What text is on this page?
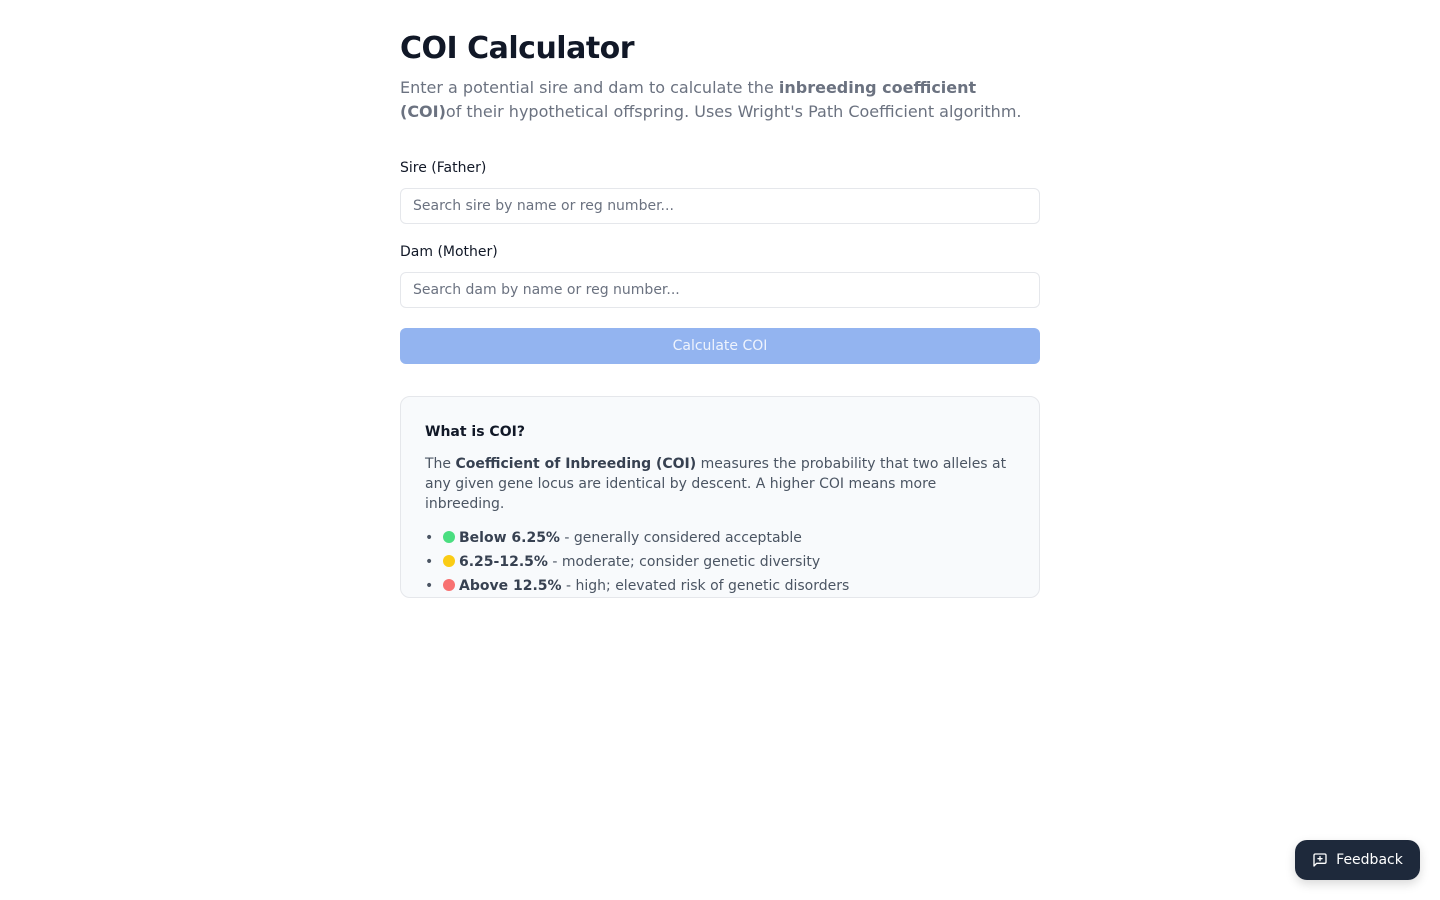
COI Calculator

Enter a potential sire and dam to calculate the inbreeding coefficient (COI)of their hypothetical offspring. Uses Wright's Path Coefficient algorithm.

Sire (Father)
Search sire by name or reg number...
Dam (Mother)
Search dam by name or reg number...
Calculate COI
What is COI?

The Coefficient of Inbreeding (COI) measures the probability that two alleles at any given gene locus are identical by descent. A higher COI means more inbreeding.

• Below 6.25% - generally considered acceptable
• 6.25-12.5% - moderate; consider genetic diversity
• Above 12.5% - high; elevated risk of genetic disorders
Feedback
